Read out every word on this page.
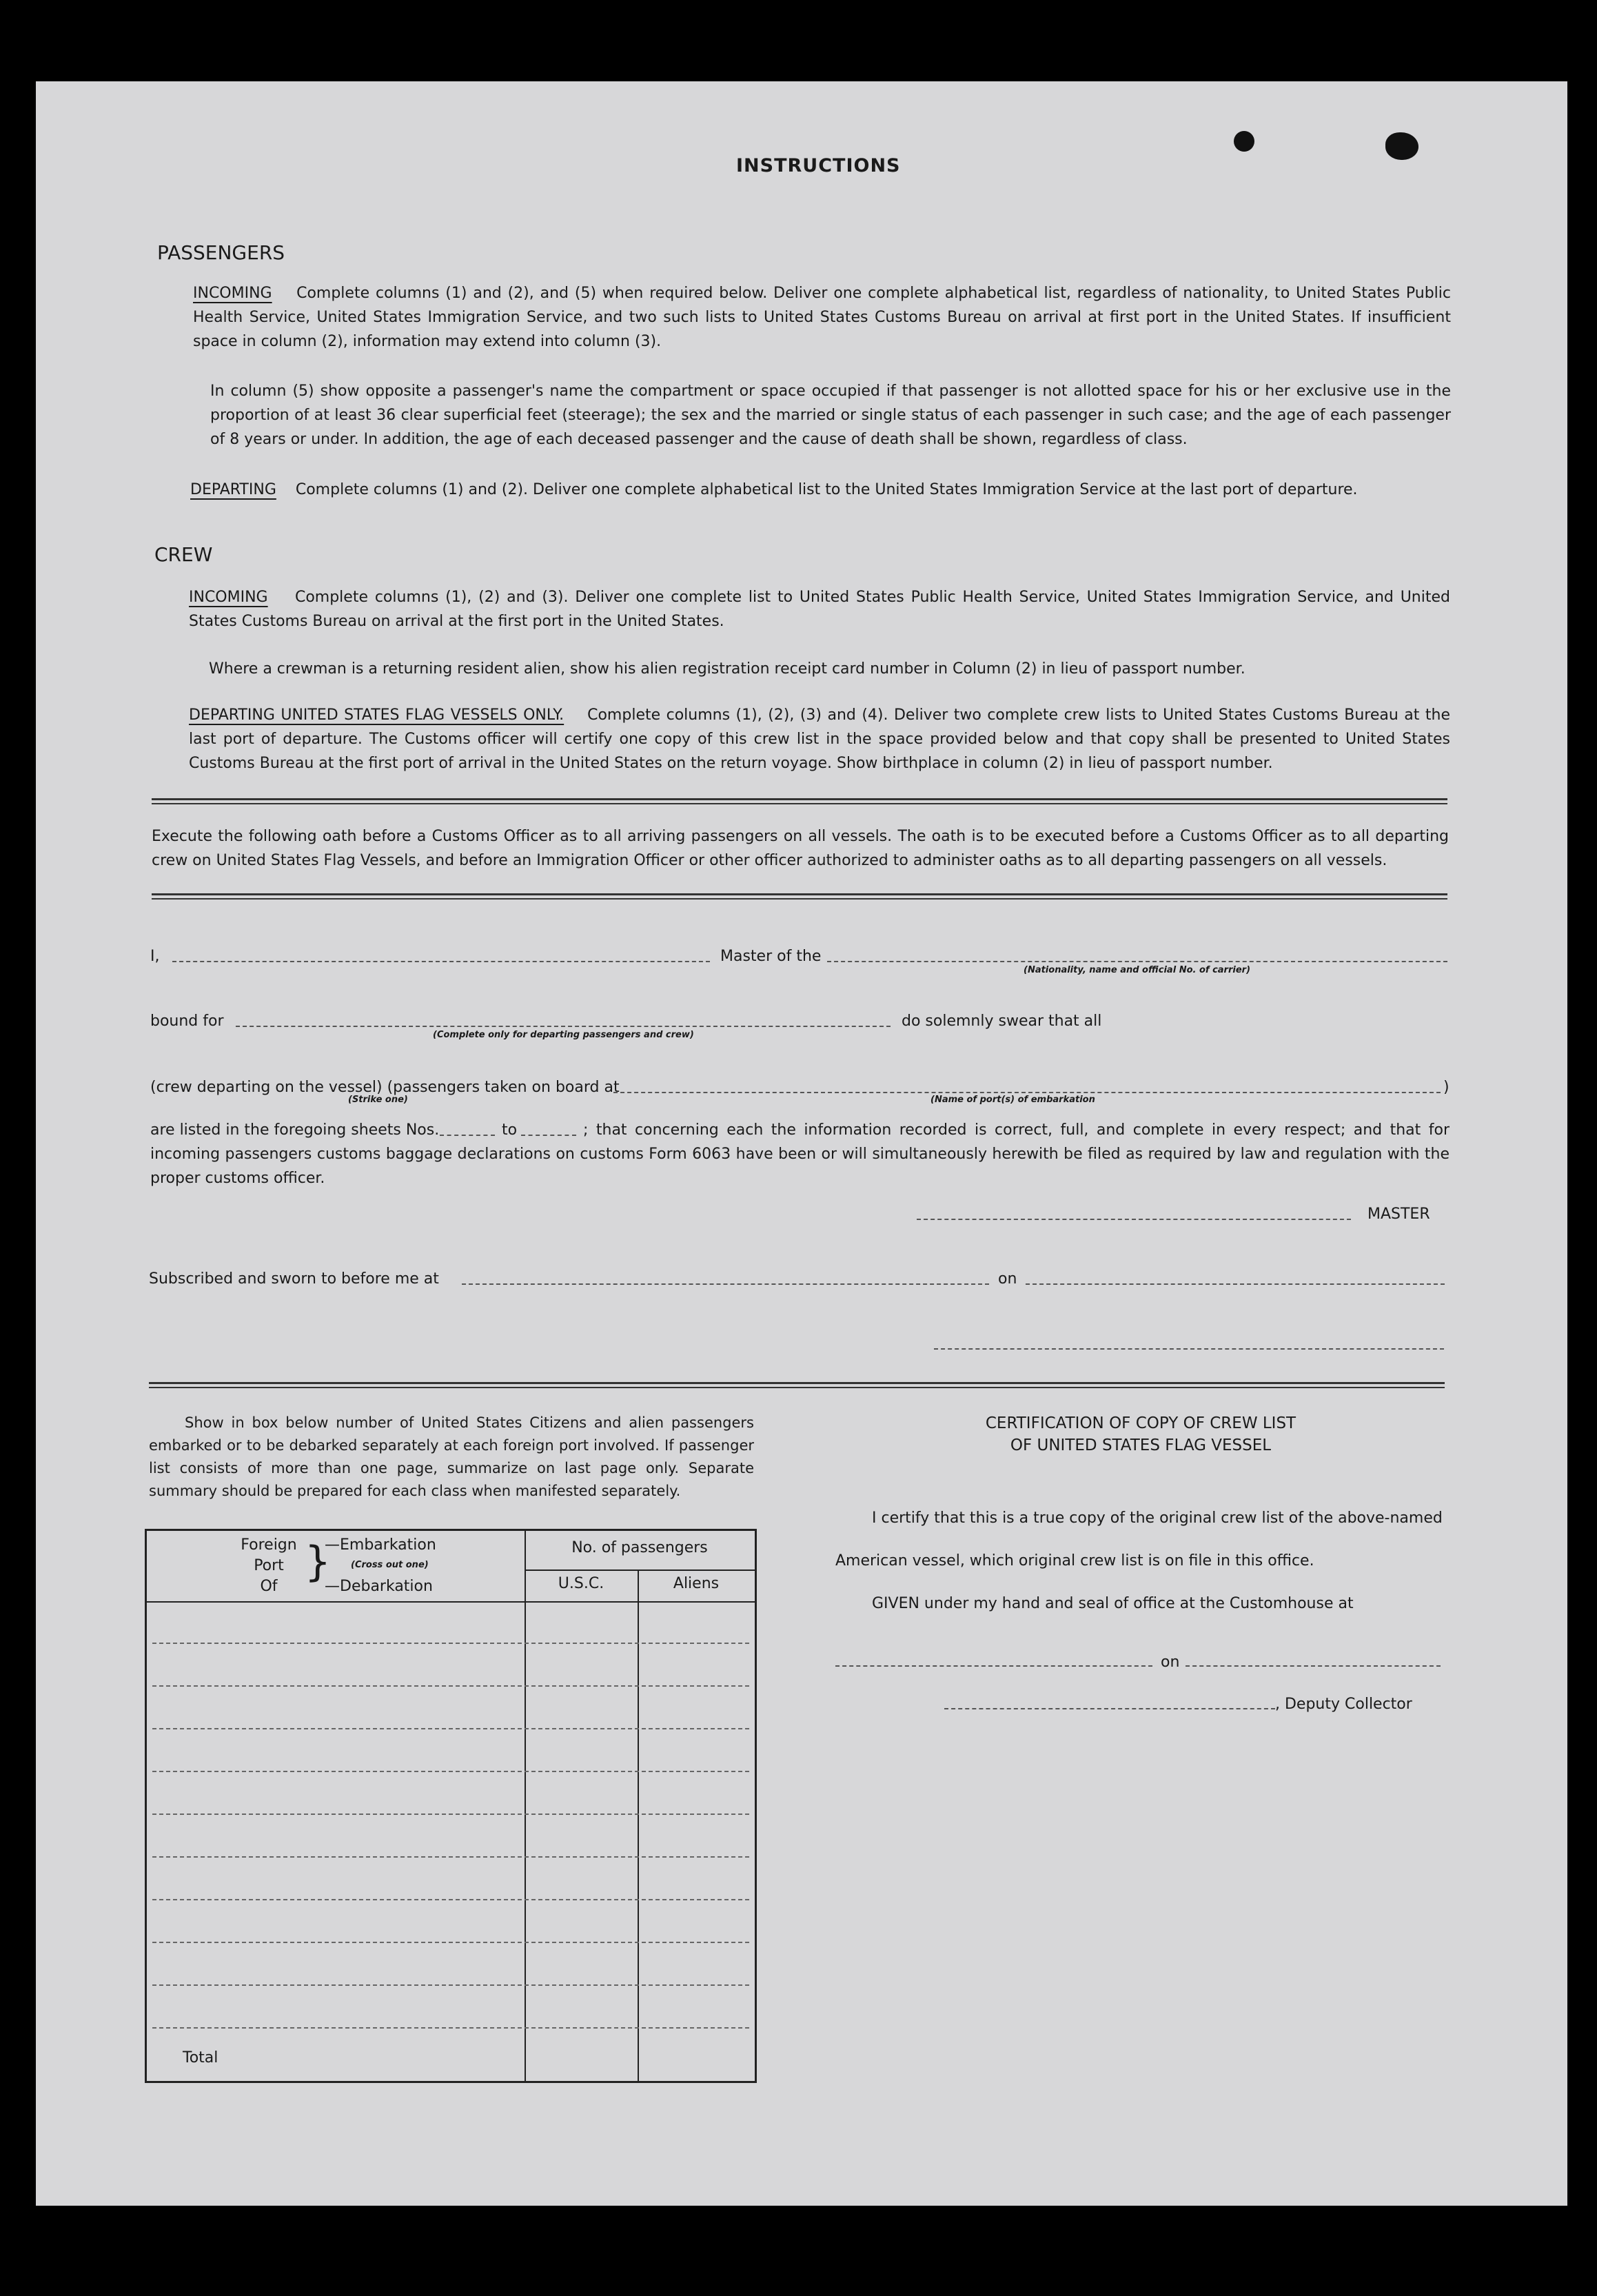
INSTRUCTIONS
PASSENGERS
INCOMING Complete columns (1) and (2), and (5) when required below. Deliver one complete alphabetical list, regardless of nationality, to United States Public Health Service, United States Immigration Service, and two such lists to United States Customs Bureau on arrival at first port in the United States. If insufficient space in column (2), information may extend into column (3).
In column (5) show opposite a passenger's name the compartment or space occupied if that passenger is not allotted space for his or her exclusive use in the proportion of at least 36 clear superficial feet (steerage); the sex and the married or single status of each passenger in such case; and the age of each passenger of 8 years or under. In addition, the age of each deceased passenger and the cause of death shall be shown, regardless of class.
DEPARTING Complete columns (1) and (2). Deliver one complete alphabetical list to the United States Immigration Service at the last port of departure.
CREW
INCOMING Complete columns (1), (2) and (3). Deliver one complete list to United States Public Health Service, United States Immigration Service, and United States Customs Bureau on arrival at the first port in the United States.
Where a crewman is a returning resident alien, show his alien registration receipt card number in Column (2) in lieu of passport number.
DEPARTING UNITED STATES FLAG VESSELS ONLY. Complete columns (1), (2), (3) and (4). Deliver two complete crew lists to United States Customs Bureau at the last port of departure. The Customs officer will certify one copy of this crew list in the space provided below and that copy shall be presented to United States Customs Bureau at the first port of arrival in the United States on the return voyage. Show birthplace in column (2) in lieu of passport number.
Execute the following oath before a Customs Officer as to all arriving passengers on all vessels. The oath is to be executed before a Customs Officer as to all departing crew on United States Flag Vessels, and before an Immigration Officer or other officer authorized to administer oaths as to all departing passengers on all vessels.
I,	Master of the
(Nationality, name and official No. of carrier)
bound for
(Complete only for departing passengers and crew)
do solemnly swear that all
(crew departing on the vessel) (passengers taken on board at	)
(Strike one)	(Name of port(s) of embarkation
are listed in the foregoing sheets Nos.	to	; that concerning each the information recorded is correct, full, and complete in every respect; and that for incoming passengers customs baggage declarations on customs Form 6063 have been or will simultaneously herewith be filed as required by law and regulation with the proper customs officer.
MASTER
Subscribed and sworn to before me at	on
Show in box below number of United States Citizens and alien passengers embarked or to be debarked separately at each foreign port involved. If passenger list consists of more than one page, summarize on last page only. Separate summary should be prepared for each class when manifested separately.
Foreign
Port
Of
}
—Embarkation
(Cross out one)
—Debarkation
No. of passengers
U.S.C.	Aliens
Total
CERTIFICATION OF COPY OF CREW LIST
OF UNITED STATES FLAG VESSEL
I certify that this is a true copy of the original crew list of the above-named
American vessel, which original crew list is on file in this office.
GIVEN under my hand and seal of office at the Customhouse at
on
, Deputy Collector
